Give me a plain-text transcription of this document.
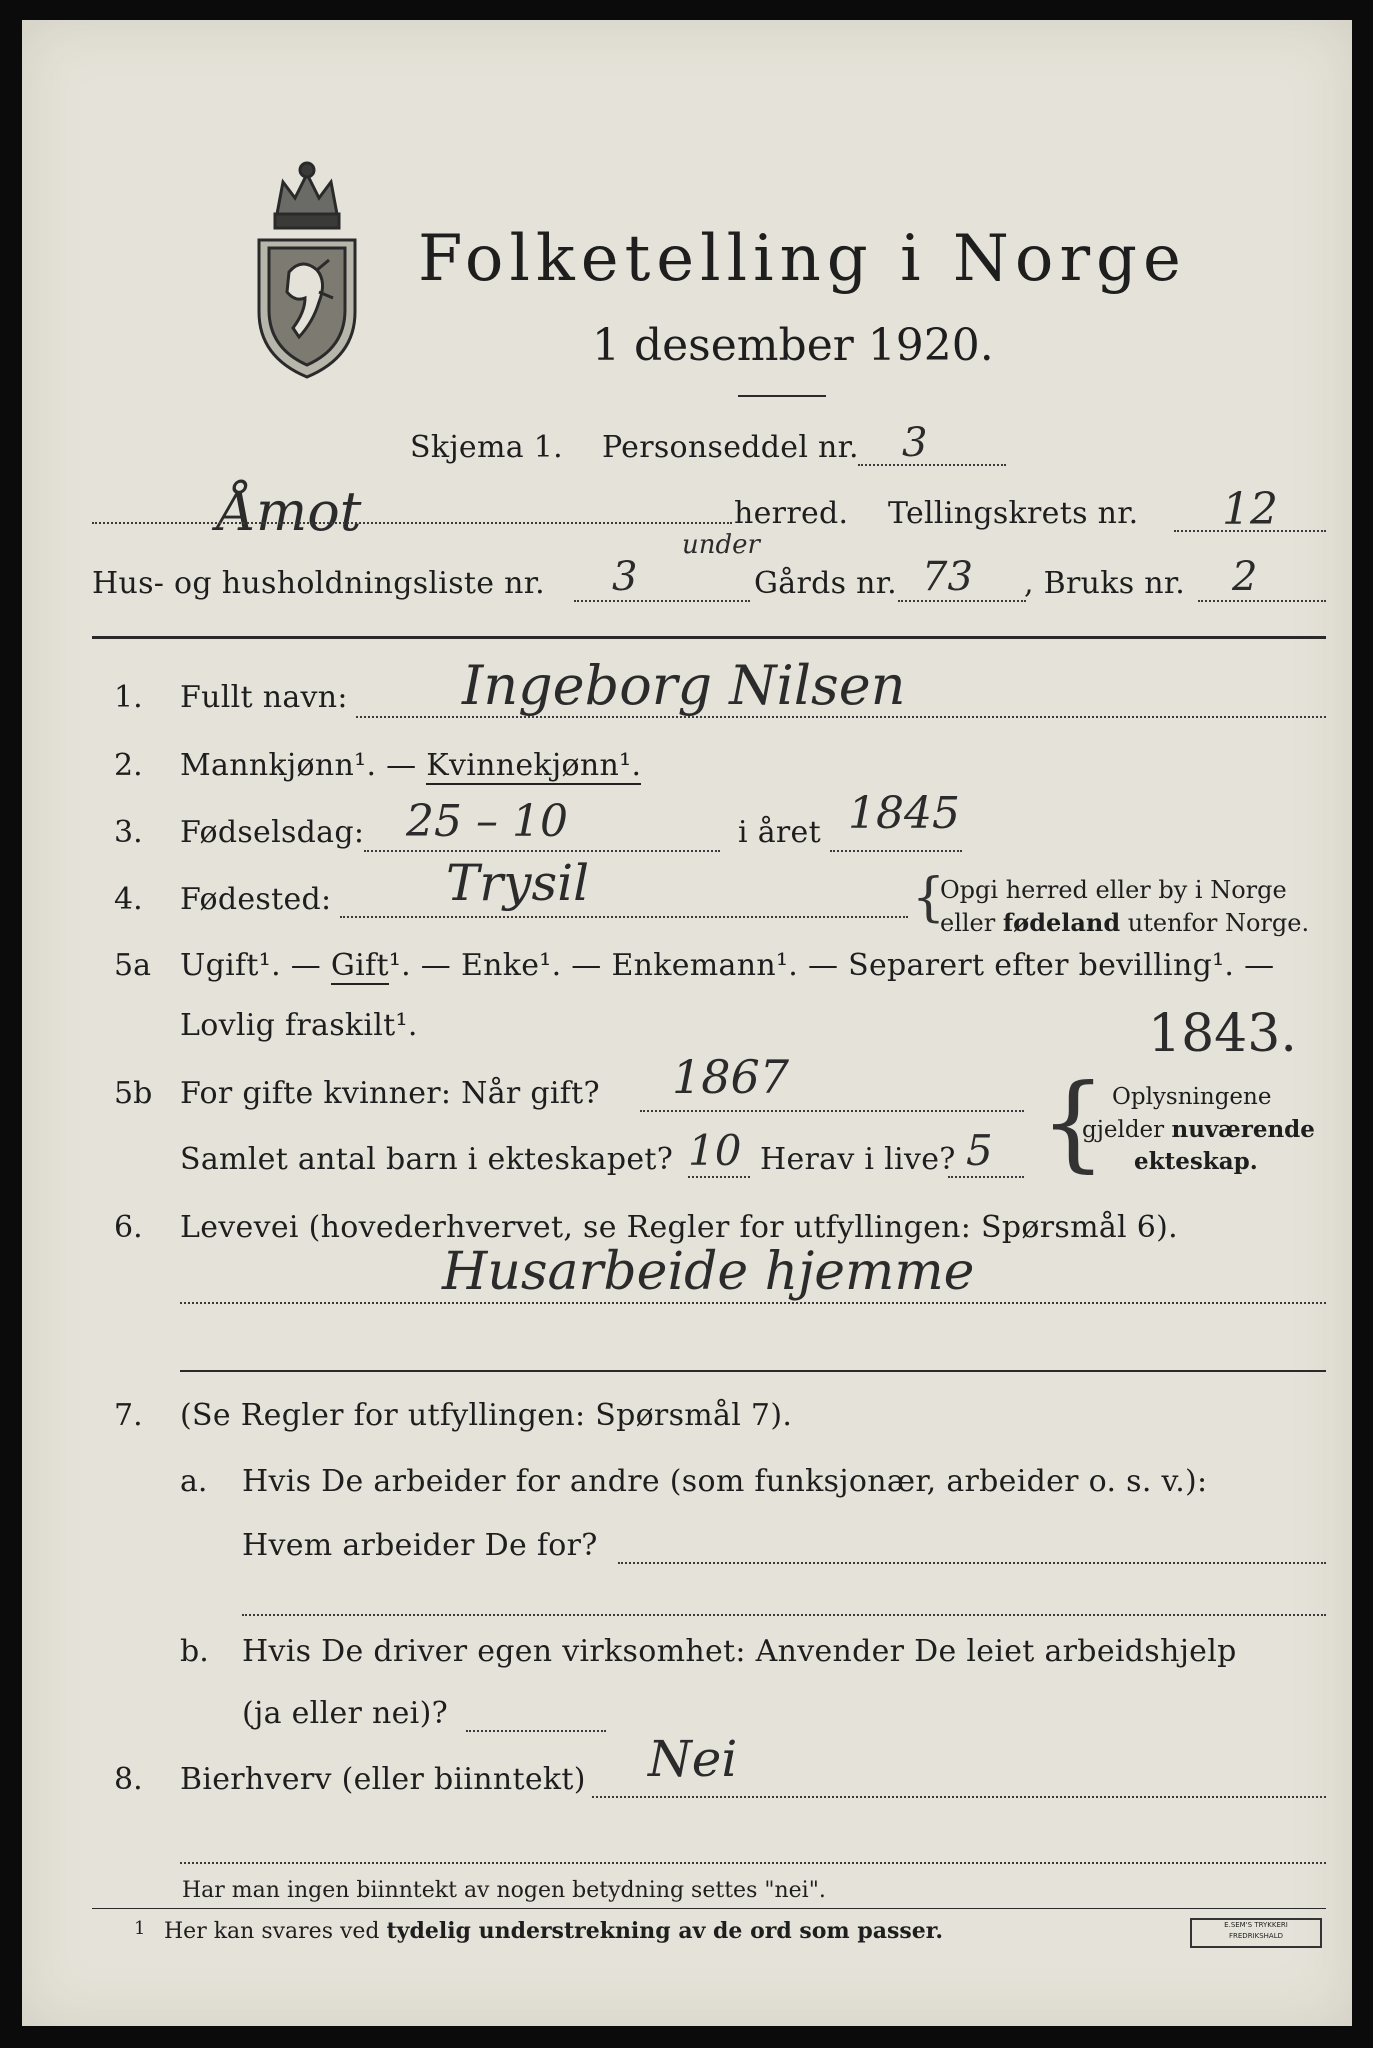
Folketelling i Norge
1 desember 1920.
Skjema 1. Personseddel nr. 3
Åmot	herred. Tellingskrets nr. 12
Hus- og husholdningsliste nr. 3
under
Gårds nr. 73 , Bruks nr. 2
1. Fullt navn: Ingeborg Nilsen
2. Mannkjønn¹. — Kvinnekjønn¹.
3. Fødselsdag: 25 – 10	i året 1845
4. Fødested: Trysil	{
Opgi herred eller by i Norge
eller fødeland utenfor Norge.
5a Ugift¹. — Gift¹. — Enke¹. — Enkemann¹. — Separert efter bevilling¹. —
Lovlig fraskilt¹.	1843.
5b For gifte kvinner: Når gift? 1867
Samlet antal barn i ekteskapet? 10 Herav i live? 5 { Oplysningene
gjelder nuværende
ekteskap.
6. Levevei (hovederhvervet, se Regler for utfyllingen: Spørsmål 6).
Husarbeide hjemme
7. (Se Regler for utfyllingen: Spørsmål 7).
a. Hvis De arbeider for andre (som funksjonær, arbeider o. s. v.):
Hvem arbeider De for?
b. Hvis De driver egen virksomhet: Anvender De leiet arbeidshjelp
(ja eller nei)?
8. Bierhverv (eller biinntekt) Nei
Har man ingen biinntekt av nogen betydning settes "nei".
1 Her kan svares ved tydelig understrekning av de ord som passer.	E.SEM'S TRYKKERI
FREDRIKSHALD
